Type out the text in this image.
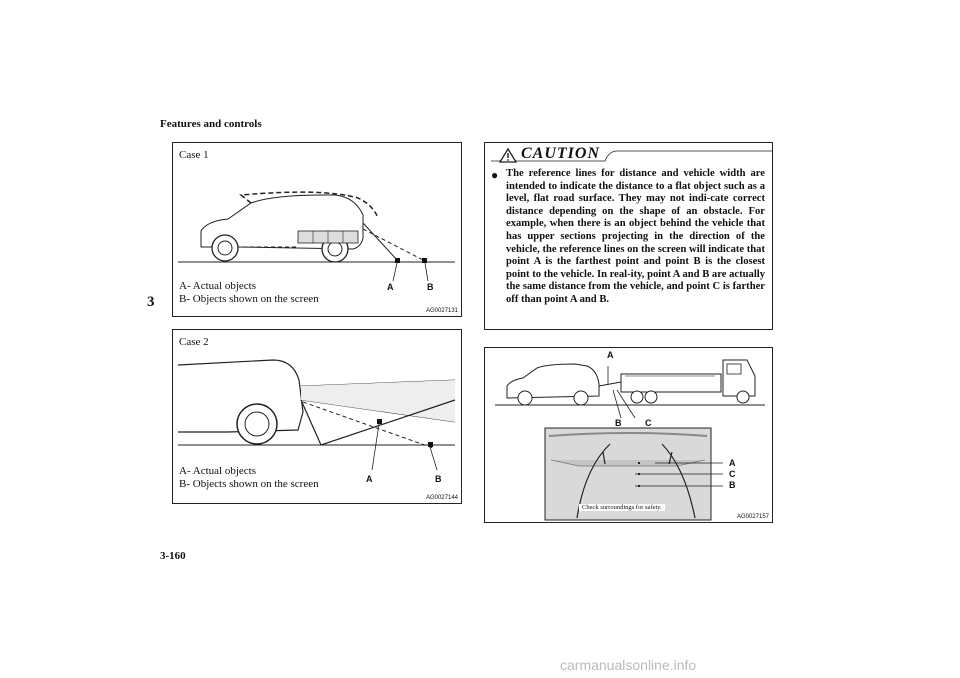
Features and controls
3
3-160
Case 1
A	B
A- Actual objects
B- Objects shown on the screen
AG0027131
Case 2
A	B
A- Actual objects
B- Objects shown on the screen
AG0027144
CAUTION
● The reference lines for distance and vehicle width are intended to indicate the distance to a flat object such as a level, flat road surface. They may not indi-cate correct distance depending on the shape of an obstacle. For example, when there is an object behind the vehicle that has upper sections projecting in the direction of the vehicle, the reference lines on the screen will indicate that point A is the farthest point and point B is the closest point to the vehicle. In real-ity, point A and B are actually the same distance from the vehicle, and point C is farther off than point A and B.
A
B	C
A
C
B
Check surroundings for safety.
AG0027157
carmanualsonline.info
